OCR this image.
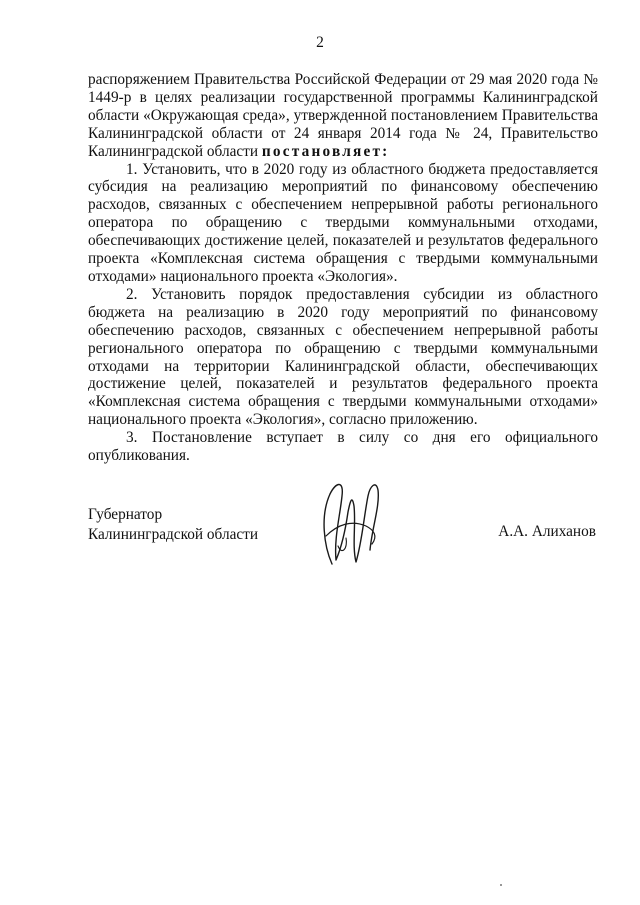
2

распоряжением Правительства Российской Федерации от 29 мая 2020 года № 1449-р в целях реализации государственной программы Калининградской области «Окружающая среда», утвержденной постановлением Правительства Калининградской области от 24 января 2014 года № 24, Правительство Калининградской области постановляет:

1. Установить, что в 2020 году из областного бюджета предоставляется субсидия на реализацию мероприятий по финансовому обеспечению расходов, связанных с обеспечением непрерывной работы регионального оператора по обращению с твердыми коммунальными отходами, обеспечивающих достижение целей, показателей и результатов федерального проекта «Комплексная система обращения с твердыми коммунальными отходами» национального проекта «Экология».

2. Установить порядок предоставления субсидии из областного бюджета на реализацию в 2020 году мероприятий по финансовому обеспечению расходов, связанных с обеспечением непрерывной работы регионального оператора по обращению с твердыми коммунальными отходами на территории Калининградской области, обеспечивающих достижение целей, показателей и результатов федерального проекта «Комплексная система обращения с твердыми коммунальными отходами» национального проекта «Экология», согласно приложению.

3. Постановление вступает в силу со дня его официального опубликования.

Губернатор
Калининградской области	А.А. Алиханов
